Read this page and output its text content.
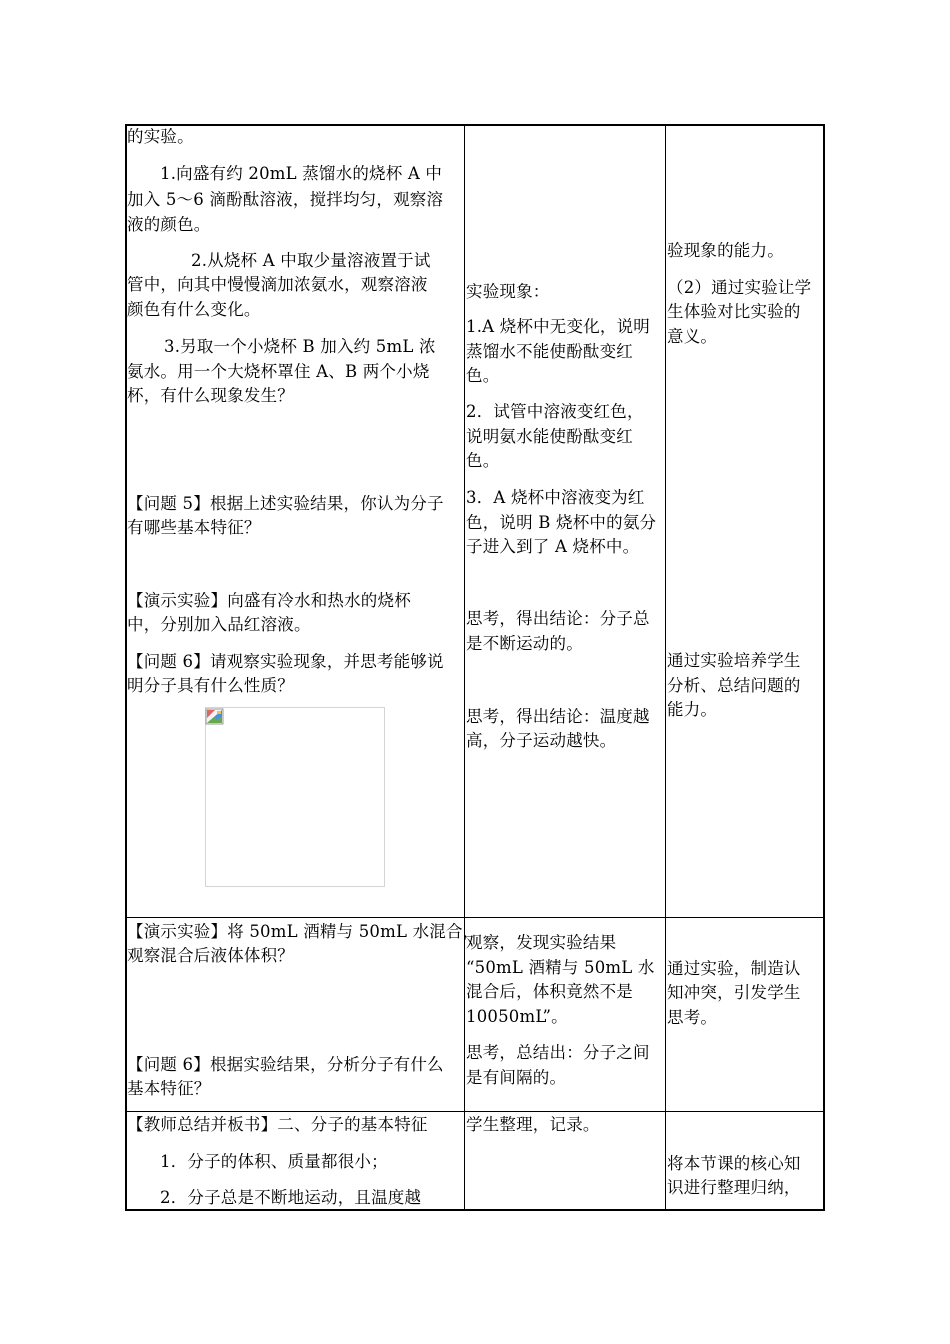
的实验。
1.向盛有约 20mL 蒸馏水的烧杯 A 中
加入 5～6 滴酚酞溶液，搅拌均匀，观察溶
液的颜色。
2.从烧杯 A 中取少量溶液置于试
管中，向其中慢慢滴加浓氨水，观察溶液
颜色有什么变化。
3.另取一个小烧杯 B 加入约 5mL 浓
氨水。用一个大烧杯罩住 A、B 两个小烧
杯，有什么现象发生？
【问题 5】根据上述实验结果，你认为分子
有哪些基本特征？
【演示实验】向盛有冷水和热水的烧杯
中，分别加入品红溶液。
【问题 6】请观察实验现象，并思考能够说
明分子具有什么性质？
实验现象：
1.A 烧杯中无变化，说明
蒸馏水不能使酚酞变红
色。
2．试管中溶液变红色，
说明氨水能使酚酞变红
色。
3．A 烧杯中溶液变为红
色，说明 B 烧杯中的氨分
子进入到了 A 烧杯中。
思考，得出结论：分子总
是不断运动的。
思考，得出结论：温度越
高，分子运动越快。
验现象的能力。
（2）通过实验让学
生体验对比实验的
意义。
通过实验培养学生
分析、总结问题的
能力。
【演示实验】将 50mL 酒精与 50mL 水混合，
观察混合后液体体积？
【问题 6】根据实验结果，分析分子有什么
基本特征？
观察，发现实验结果
“50mL 酒精与 50mL 水
混合后，体积竟然不是
10050mL”。
思考，总结出：分子之间
是有间隔的。
通过实验，制造认
知冲突，引发学生
思考。
【教师总结并板书】二、分子的基本特征
1．分子的体积、质量都很小；
2．分子总是不断地运动，且温度越
学生整理，记录。
将本节课的核心知
识进行整理归纳，
